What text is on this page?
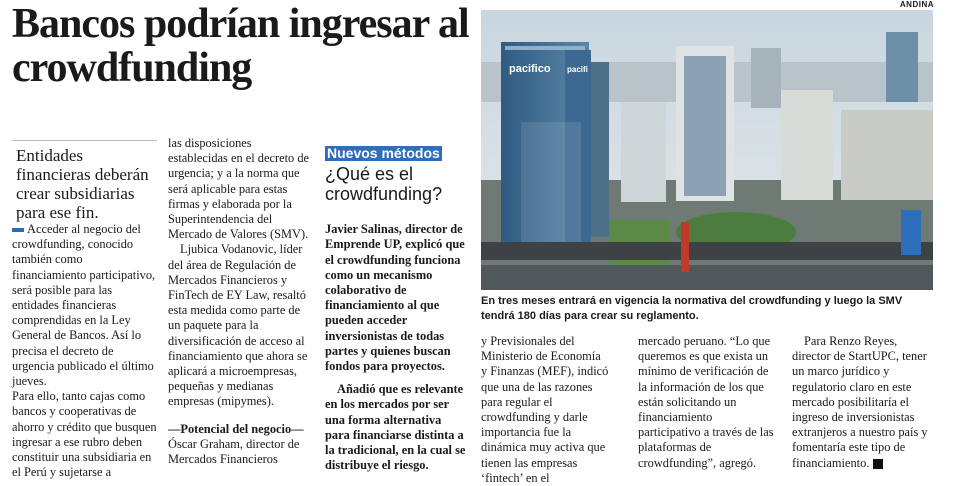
Bancos podrían ingresar al crowdfunding
ANDINA
pacifico pacifi
En tres meses entrará en vigencia la normativa del crowdfunding y luego la SMV tendrá 180 días para crear su reglamento.
Entidades financieras deberán crear subsidiarias para ese fin.

Acceder al negocio del crowdfunding, conocido también como financiamiento participativo, será posible para las entidades financieras comprendidas en la Ley General de Bancos. Así lo precisa el decreto de urgencia publicado el último jueves.

Para ello, tanto cajas como bancos y cooperativas de ahorro y crédito que busquen ingresar a ese rubro deben constituir una subsidiaria en el Perú y sujetarse a

las disposiciones establecidas en el decreto de urgencia; y a la norma que será aplicable para estas firmas y elaborada por la Superintendencia del Mercado de Valores (SMV).

Ljubica Vodanovic, líder del área de Regulación de Mercados Financieros y FinTech de EY Law, resaltó esta medida como parte de un paquete para la diversificación de acceso al financiamiento que ahora se aplicará a microempresas, pequeñas y medianas empresas (mipymes).

—Potencial del negocio—

Óscar Graham, director de Mercados Financieros

Nuevos métodos
¿Qué es el crowdfunding?

Javier Salinas, director de Emprende UP, explicó que el crowdfunding funciona como un mecanismo colaborativo de financiamiento al que pueden acceder inversionistas de todas partes y quienes buscan fondos para proyectos.

Añadió que es relevante en los mercados por ser una forma alternativa para financiarse distinta a la tradicional, en la cual se distribuye el riesgo.

y Previsionales del Ministerio de Economía y Finanzas (MEF), indicó que una de las razones para regular el crowdfunding y darle importancia fue la dinámica muy activa que tienen las empresas ‘fintech’ en el

mercado peruano. “Lo que queremos es que exista un mínimo de verificación de la información de los que están solicitando un financiamiento participativo a través de las plataformas de crowdfunding”, agregó.

Para Renzo Reyes, director de StartUPC, tener un marco jurídico y regulatorio claro en este mercado posibilitaría el ingreso de inversionistas extranjeros a nuestro país y fomentaría este tipo de financiamiento.
